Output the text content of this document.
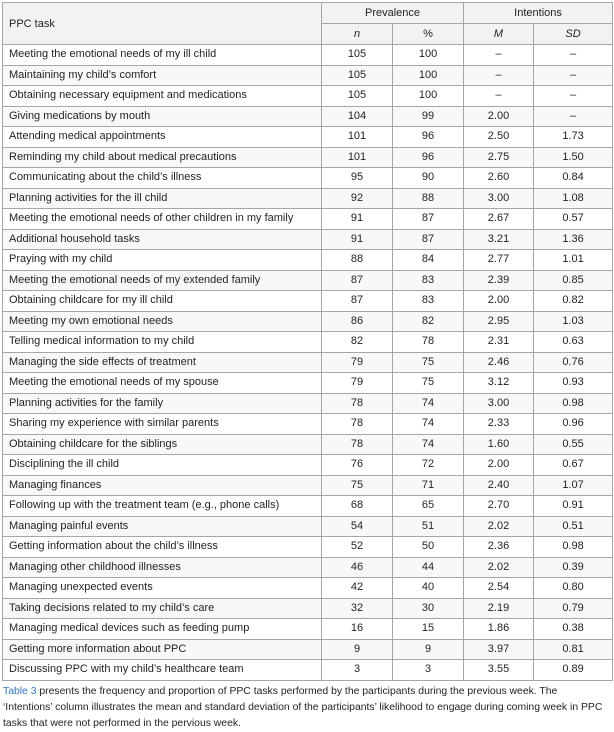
PPC task	Prevalence		Intentions	
	n	%	M	SD
Meeting the emotional needs of my ill child	105	100	–	–
Maintaining my child’s comfort	105	100	–	–
Obtaining necessary equipment and medications	105	100	–	–
Giving medications by mouth	104	99	2.00	–
Attending medical appointments	101	96	2.50	1.73
Reminding my child about medical precautions	101	96	2.75	1.50
Communicating about the child’s illness	95	90	2.60	0.84
Planning activities for the ill child	92	88	3.00	1.08
Meeting the emotional needs of other children in my family	91	87	2.67	0.57
Additional household tasks	91	87	3.21	1.36
Praying with my child	88	84	2.77	1.01
Meeting the emotional needs of my extended family	87	83	2.39	0.85
Obtaining childcare for my ill child	87	83	2.00	0.82
Meeting my own emotional needs	86	82	2.95	1.03
Telling medical information to my child	82	78	2.31	0.63
Managing the side effects of treatment	79	75	2.46	0.76
Meeting the emotional needs of my spouse	79	75	3.12	0.93
Planning activities for the family	78	74	3.00	0.98
Sharing my experience with similar parents	78	74	2.33	0.96
Obtaining childcare for the siblings	78	74	1.60	0.55
Disciplining the ill child	76	72	2.00	0.67
Managing finances	75	71	2.40	1.07
Following up with the treatment team (e.g., phone calls)	68	65	2.70	0.91
Managing painful events	54	51	2.02	0.51
Getting information about the child’s illness	52	50	2.36	0.98
Managing other childhood illnesses	46	44	2.02	0.39
Managing unexpected events	42	40	2.54	0.80
Taking decisions related to my child’s care	32	30	2.19	0.79
Managing medical devices such as feeding pump	16	15	1.86	0.38
Getting more information about PPC	9	9	3.97	0.81
Discussing PPC with my child’s healthcare team	3	3	3.55	0.89

Table 3 presents the frequency and proportion of PPC tasks performed by the participants during the previous week. The ‘Intentions’ column illustrates the mean and standard deviation of the participants’ likelihood to engage during coming week in PPC tasks that were not performed in the pervious week.
